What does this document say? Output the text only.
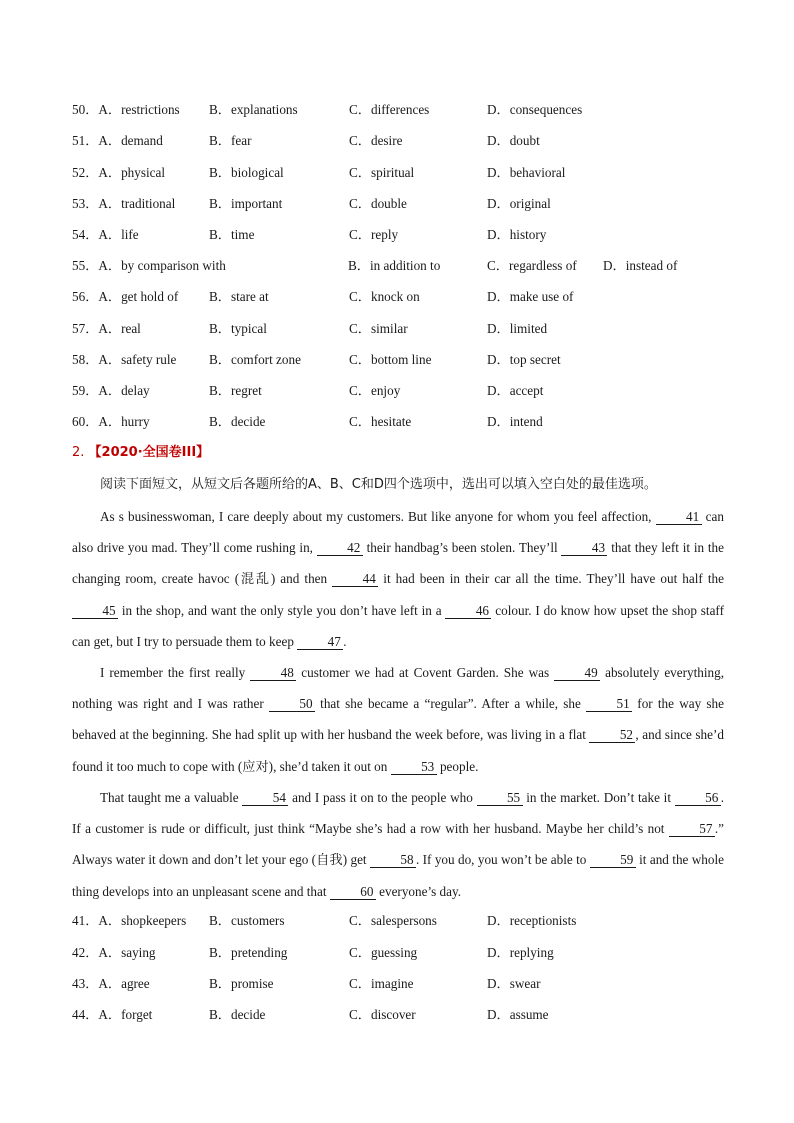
50．A．restrictions B．explanations	C．differences	D．consequences
51．A．demand	B．fear	C．desire	D．doubt
52．A．physical	B．biological	C．spiritual	D．behavioral
53．A．traditional	B．important	C．double	D．original
54．A．life	B．time	C．reply	D．history
55．A．by comparison with	B．in addition to	C．regardless of D．instead of
56．A．get hold of B．stare at	C．knock on	D．make use of
57．A．real	B．typical	C．similar	D．limited
58．A．safety rule B．comfort zone	C．bottom line	D．top secret
59．A．delay	B．regret	C．enjoy	D．accept
60．A．hurry	B．decide	C．hesitate	D．intend
2. 【2020·全国卷III】
阅读下面短文，从短文后各题所给的A、B、C和D四个选项中，选出可以填入空白处的最佳选项。

As s businesswoman, I care deeply about my customers. But like anyone for whom you feel affection, 41 can also drive you mad. They’ll come rushing in, 42 their handbag’s been stolen. They’ll 43 that they left it in the changing room, create havoc (混乱) and then 44 it had been in their car all the time. They’ll have out half the 45 in the shop, and want the only style you don’t have left in a 46 colour. I do know how upset the shop staff can get, but I try to persuade them to keep 47 .

I remember the first really 48 customer we had at Covent Garden. She was 49 absolutely everything, nothing was right and I was rather 50 that she became a “regular”. After a while, she 51 for the way she behaved at the beginning. She had split up with her husband the week before, was living in a flat 52 , and since she’d found it too much to cope with (应对), she’d taken it out on 53 people.

That taught me a valuable 54 and I pass it on to the people who 55 in the market. Don’t take it 56 . If a customer is rude or difficult, just think “Maybe she’s had a row with her husband. Maybe her child’s not 57 .” Always water it down and don’t let your ego (自我) get 58 . If you do, you won’t be able to 59 it and the whole thing develops into an unpleasant scene and that 60 everyone’s day.

41．A．shopkeepers B．customers	C．salespersons	D．receptionists
42．A．saying	B．pretending	C．guessing	D．replying
43．A．agree	B．promise	C．imagine	D．swear
44．A．forget	B．decide	C．discover	D．assume
